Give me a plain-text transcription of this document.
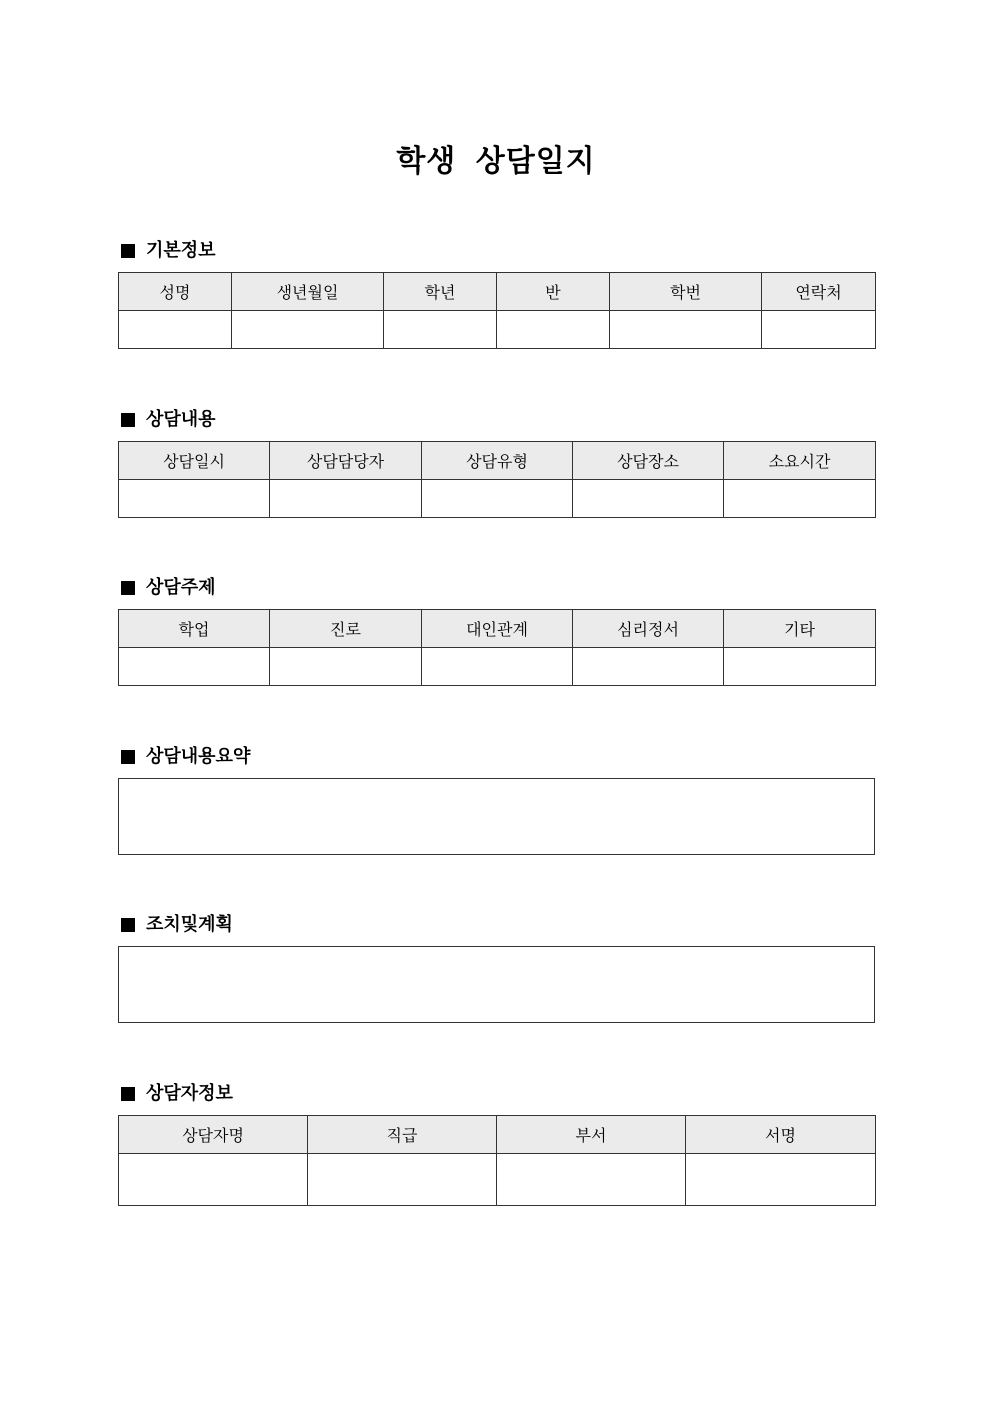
학생 상담일지
기본정보
성명	생년월일	학년	반	학번	연락처

상담내용
상담일시	상담담당자	상담유형	상담장소	소요시간

상담주제
학업	진로	대인관계	심리정서	기타

상담내용요약
조치및계획
상담자정보
상담자명	직급	부서	서명
